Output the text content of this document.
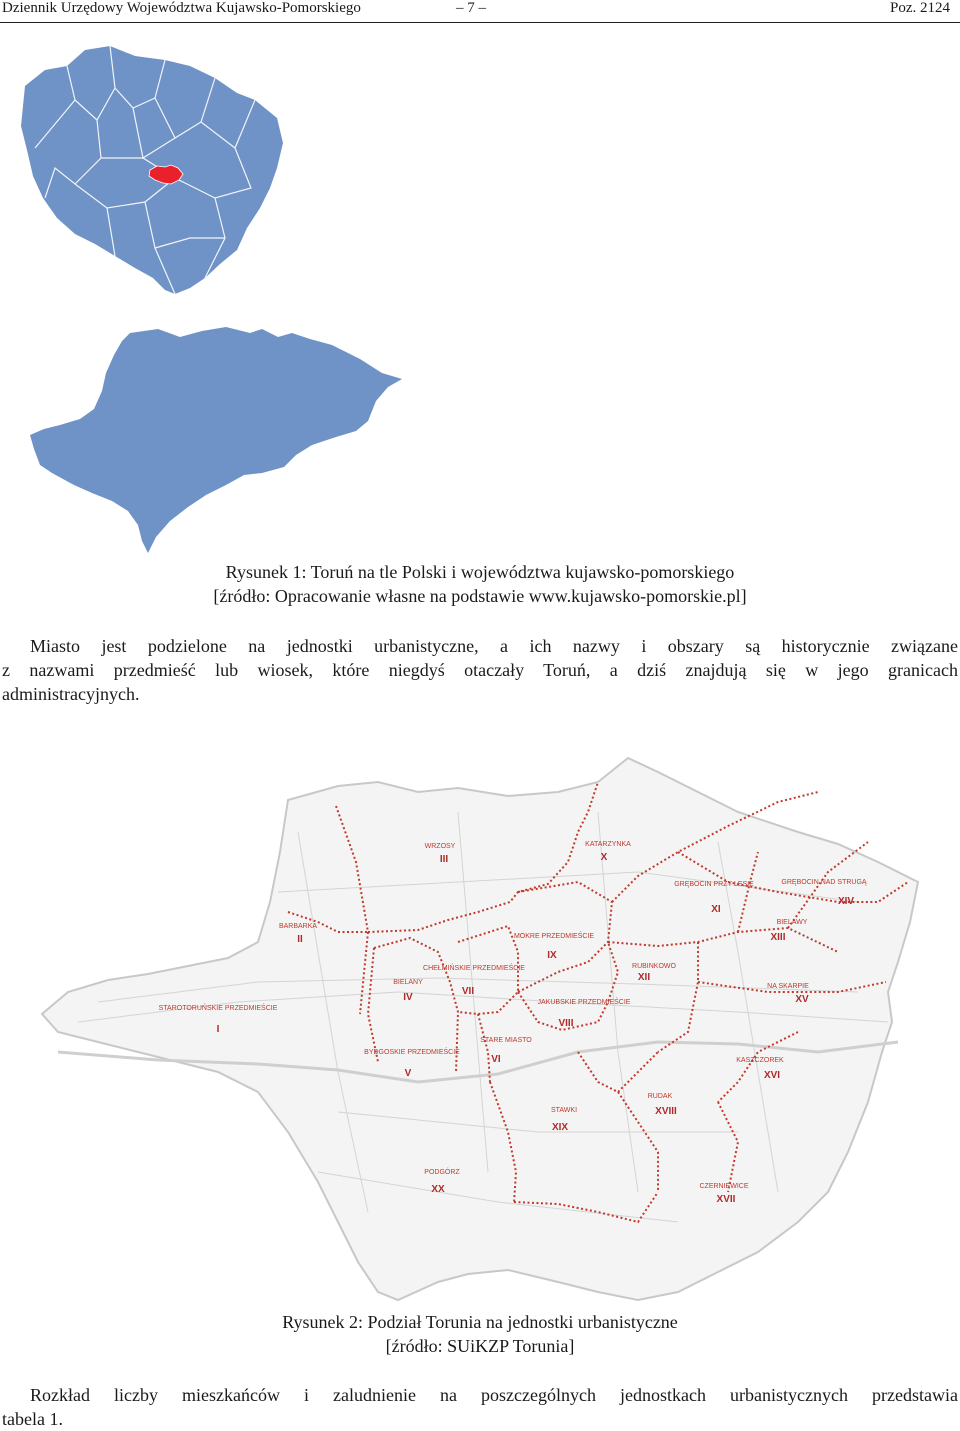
Dziennik Urzędowy Województwa Kujawsko-Pomorskiego	– 7 –	Poz. 2124
Rysunek 1: Toruń na tle Polski i województwa kujawsko-pomorskiego
[źródło: Opracowanie własne na podstawie www.kujawsko-pomorskie.pl]
Miasto jest podzielone na jednostki urbanistyczne, a ich nazwy i obszary są historycznie związane
z nazwami przedmieść lub wiosek, które niegdyś otaczały Toruń, a dziś znajdują się w jego granicach
administracyjnych.
STAROTORUŃSKIE PRZEDMIEŚCIE
I
BARBARKA
II
WRZOSY
III
BIELANY
IV
BYDGOSKIE PRZEDMIEŚCIE
V
STARE MIASTO
VI
CHEŁMIŃSKIE PRZEDMIEŚCIE
VII
JAKUBSKIE PRZEDMIEŚCIE
VIII
MOKRE PRZEDMIEŚCIE
IX
KATARZYNKA
X
GRĘBOCIN PRZY LESIE
XI
RUBINKOWO
XII
BIELAWY
XIII
GRĘBOCIN NAD STRUGĄ
XIV
NA SKARPIE
XV
KASZCZOREK
XVI
CZERNIEWICE
XVII
RUDAK
XVIII
STAWKI
XIX
PODGÓRZ
XX
Rysunek 2: Podział Torunia na jednostki urbanistyczne
[źródło: SUiKZP Torunia]
Rozkład liczby mieszkańców i zaludnienie na poszczególnych jednostkach urbanistycznych przedstawia
tabela 1.
